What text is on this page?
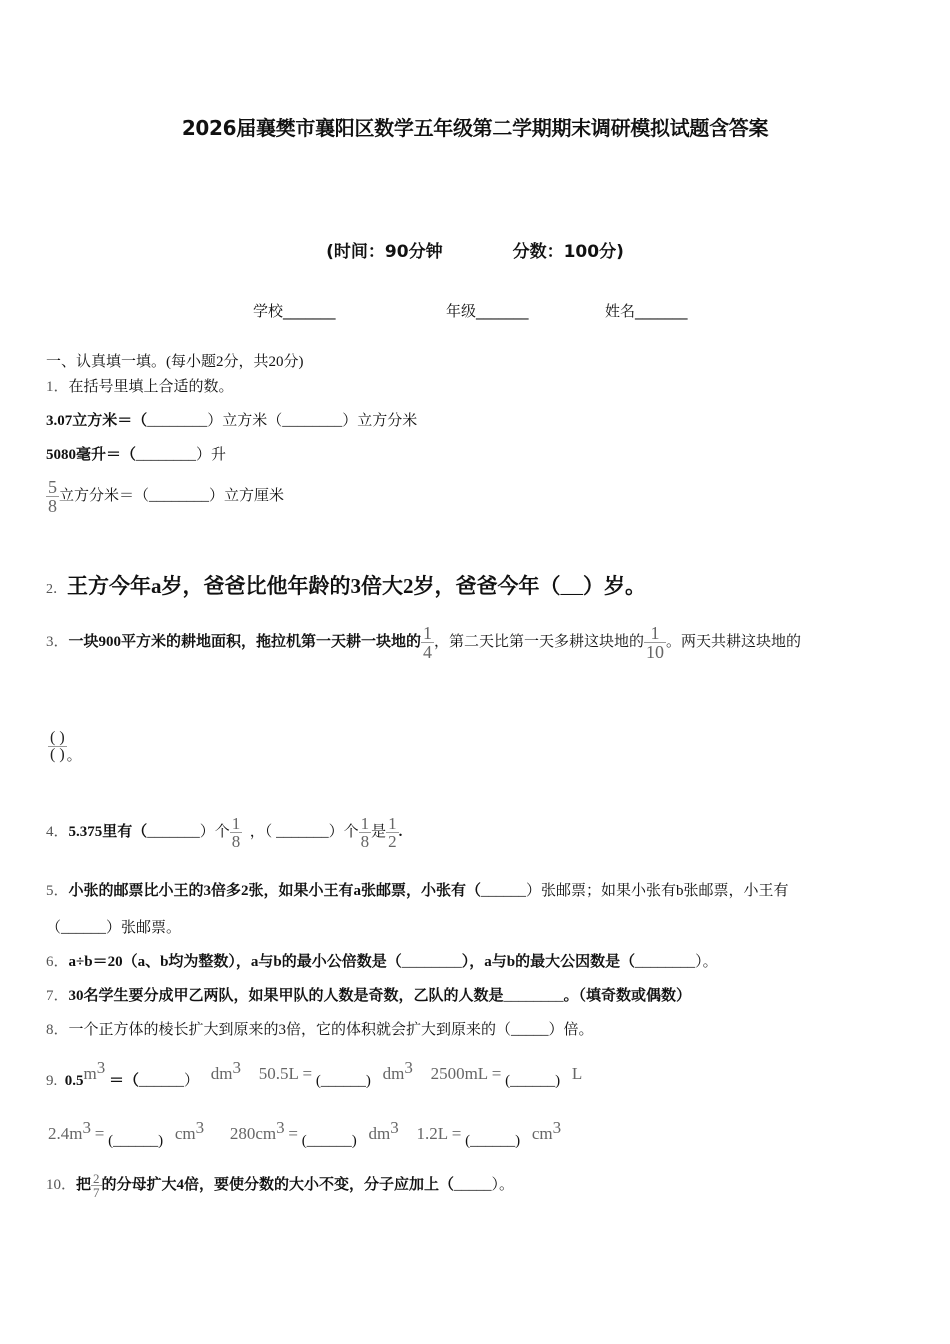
2026届襄樊市襄阳区数学五年级第二学期期末调研模拟试题含答案
(时间：90分钟	分数：100分)
学校_______	年级_______	姓名_______
一、认真填一填。(每小题2分，共20分)
1．在括号里填上合适的数。
3.07立方米＝（________）立方米（________）立方分米
5080毫升＝（________）升
$\frac{5}{8}$ 立方分米＝（________）立方厘米
2．王方今年a岁，爸爸比他年龄的3倍大2岁，爸爸今年（___）岁。
3．一块900平方米的耕地面积，拖拉机第一天耕一块地的 $\frac{1}{4}$ ，第二天比第一天多耕这块地的 $\frac{1}{10}$ 。两天共耕这块地的
$\frac{( )}{( )}$ 。
4．5.375里有（_______）个 $\frac{1}{8}$ ，（ _______）个 $\frac{1}{8}$ 是 $\frac{1}{2}$ .
5．小张的邮票比小王的3倍多2张，如果小王有a张邮票，小张有（______）张邮票；如果小张有b张邮票，小王有
（______）张邮票。
6．a÷b＝20（a、b均为整数），a与b的最小公倍数是（________），a与b的最大公因数是（________）。
7．30名学生要分成甲乙两队，如果甲队的人数是奇数，乙队的人数是________。（填奇数或偶数）
8．一个正方体的棱长扩大到原来的3倍，它的体积就会扩大到原来的（_____）倍。
9. $0.5m^3$ ＝（______） $dm^3$ 50.5L = (______) $dm^3$ 2500mL = (______) L
$2.4m^3$ = (______) $cm^3$ $280cm^3$ = (______) $dm^3$ 1.2L = (______) $cm^3$
10．把 $\frac{2}{7}$ 的分母扩大4倍，要使分数的大小不变，分子应加上（_____）。
